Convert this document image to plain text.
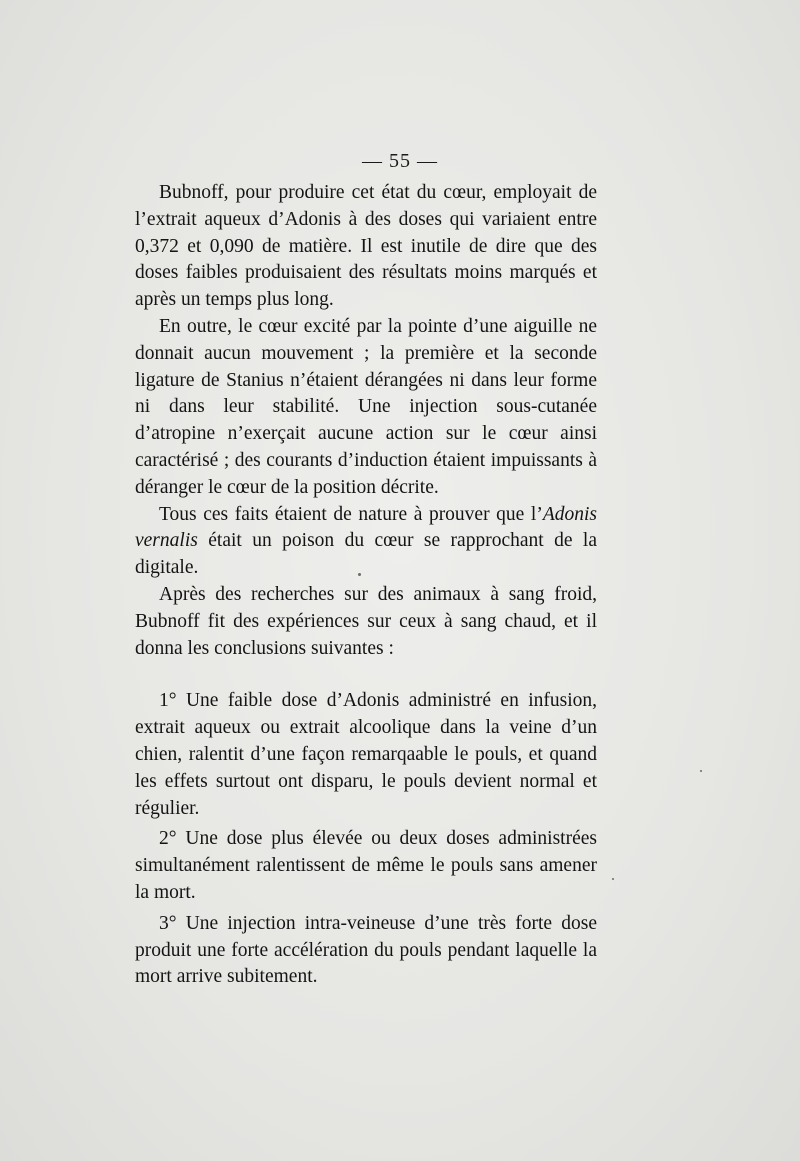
— 55 —

Bubnoff, pour produire cet état du cœur, employait de l’extrait aqueux d’Adonis à des doses qui variaient entre 0,372 et 0,090 de matière. Il est inutile de dire que des doses faibles produisaient des résultats moins marqués et après un temps plus long.

En outre, le cœur excité par la pointe d’une aiguille ne donnait aucun mouvement ; la première et la seconde ligature de Stanius n’étaient dérangées ni dans leur forme ni dans leur stabilité. Une injection sous-cutanée d’atropine n’exerçait aucune action sur le cœur ainsi caractérisé ; des courants d’induction étaient impuissants à déranger le cœur de la position décrite.

Tous ces faits étaient de nature à prouver que l’Adonis vernalis était un poison du cœur se rapprochant de la digitale.

Après des recherches sur des animaux à sang froid, Bubnoff fit des expériences sur ceux à sang chaud, et il donna les conclusions suivantes :

1° Une faible dose d’Adonis administré en infusion, extrait aqueux ou extrait alcoolique dans la veine d’un chien, ralentit d’une façon remarqaable le pouls, et quand les effets surtout ont disparu, le pouls devient normal et régulier.

2° Une dose plus élevée ou deux doses administrées simultanément ralentissent de même le pouls sans amener la mort.

3° Une injection intra-veineuse d’une très forte dose produit une forte accélération du pouls pendant laquelle la mort arrive subitement.
